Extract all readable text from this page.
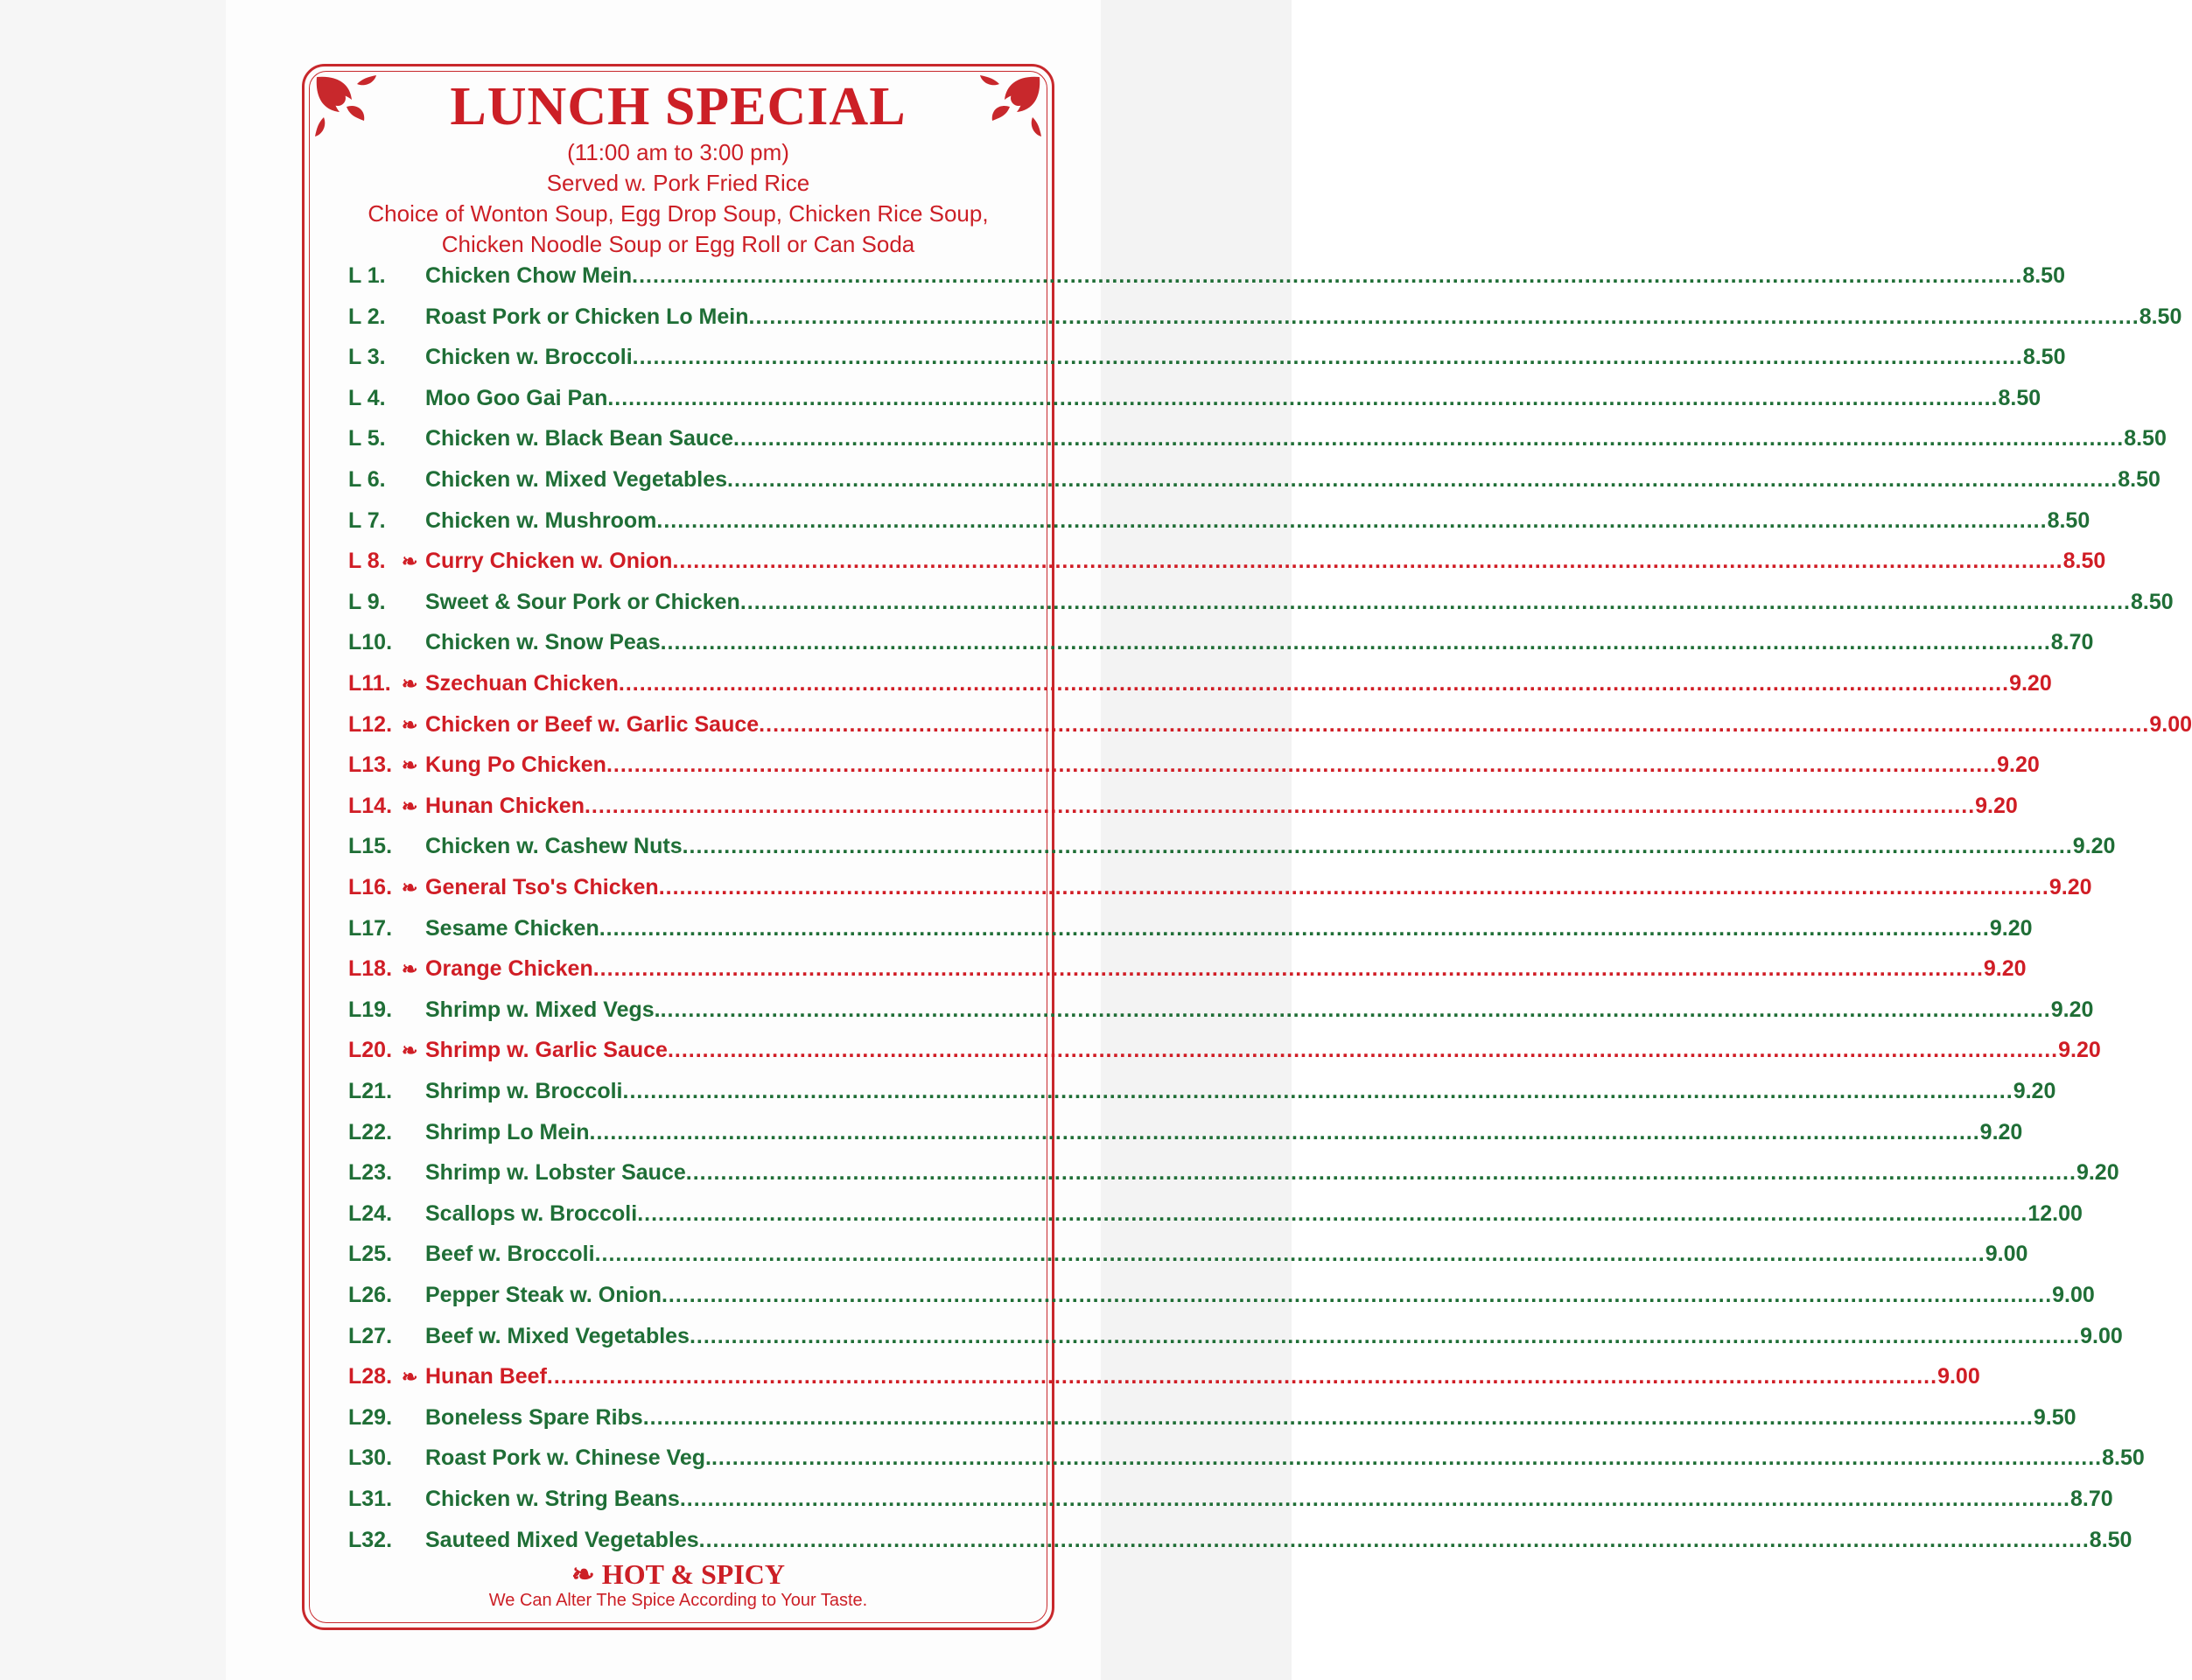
LUNCH SPECIAL

(11:00 am to 3:00 pm)

Served w. Pork Fried Rice

Choice of Wonton Soup, Egg Drop Soup, Chicken Rice Soup,

Chicken Noodle Soup or Egg Roll or Can Soda

L 1.	Chicken Chow Mein ........................................................................................................................................................................................................ 8.50
L 2.	Roast Pork or Chicken Lo Mein ........................................................................................................................................................................................................ 8.50
L 3.	Chicken w. Broccoli ........................................................................................................................................................................................................ 8.50
L 4.	Moo Goo Gai Pan ........................................................................................................................................................................................................ 8.50
L 5.	Chicken w. Black Bean Sauce ........................................................................................................................................................................................................ 8.50
L 6.	Chicken w. Mixed Vegetables ........................................................................................................................................................................................................ 8.50
L 7.	Chicken w. Mushroom ........................................................................................................................................................................................................ 8.50
L 8. ❧ Curry Chicken w. Onion ........................................................................................................................................................................................................ 8.50
L 9.	Sweet & Sour Pork or Chicken ........................................................................................................................................................................................................ 8.50
L10.	Chicken w. Snow Peas ........................................................................................................................................................................................................ 8.70
L11. ❧ Szechuan Chicken ........................................................................................................................................................................................................ 9.20
L12. ❧ Chicken or Beef w. Garlic Sauce ........................................................................................................................................................................................................ 9.00
L13. ❧ Kung Po Chicken ........................................................................................................................................................................................................ 9.20
L14. ❧ Hunan Chicken ........................................................................................................................................................................................................ 9.20
L15.	Chicken w. Cashew Nuts ........................................................................................................................................................................................................ 9.20
L16. ❧ General Tso's Chicken ........................................................................................................................................................................................................ 9.20
L17.	Sesame Chicken ........................................................................................................................................................................................................ 9.20
L18. ❧ Orange Chicken ........................................................................................................................................................................................................ 9.20
L19.	Shrimp w. Mixed Vegs. ........................................................................................................................................................................................................ 9.20
L20. ❧ Shrimp w. Garlic Sauce ........................................................................................................................................................................................................ 9.20
L21.	Shrimp w. Broccoli ........................................................................................................................................................................................................ 9.20
L22.	Shrimp Lo Mein ........................................................................................................................................................................................................ 9.20
L23.	Shrimp w. Lobster Sauce ........................................................................................................................................................................................................ 9.20
L24.	Scallops w. Broccoli ........................................................................................................................................................................................................ 12.00
L25.	Beef w. Broccoli ........................................................................................................................................................................................................ 9.00
L26.	Pepper Steak w. Onion ........................................................................................................................................................................................................ 9.00
L27.	Beef w. Mixed Vegetables ........................................................................................................................................................................................................ 9.00
L28. ❧ Hunan Beef ........................................................................................................................................................................................................ 9.00
L29.	Boneless Spare Ribs ........................................................................................................................................................................................................ 9.50
L30.	Roast Pork w. Chinese Veg. ........................................................................................................................................................................................................ 8.50
L31.	Chicken w. String Beans ........................................................................................................................................................................................................ 8.70
L32.	Sauteed Mixed Vegetables ........................................................................................................................................................................................................ 8.50
❧ HOT & SPICY
We Can Alter The Spice According to Your Taste.
